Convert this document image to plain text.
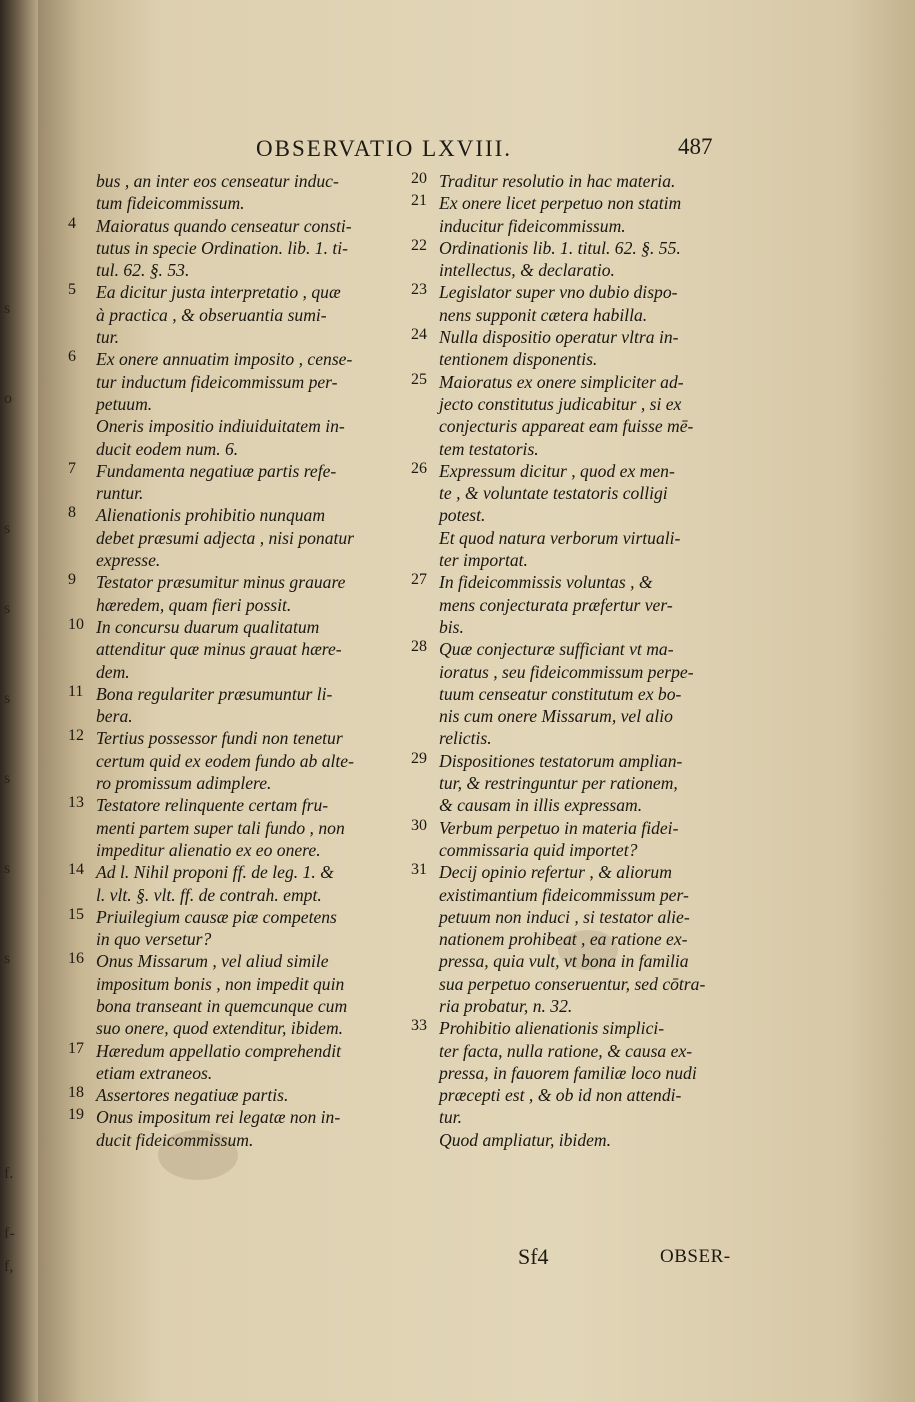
s
o
s
s
s
s
s
s
f.
f-
f,
OBSERVATIO LXVIII.	487
bus , an inter eos censeatur induc-
tum fideicommissum.
4	Maioratus quando censeatur consti-
tutus in specie Ordination. lib. 1. ti-
tul. 62. §. 53.
5	Ea dicitur justa interpretatio , quæ
à practica , & obseruantia sumi-
tur.
6	Ex onere annuatim imposito , cense-
tur inductum fideicommissum per-
petuum.
Oneris impositio indiuiduitatem in-
ducit eodem num. 6.
7	Fundamenta negatiuæ partis refe-
runtur.
8	Alienationis prohibitio nunquam
debet præsumi adjecta , nisi ponatur
expresse.
9	Testator præsumitur minus grauare
hæredem, quam fieri possit.
10 In concursu duarum qualitatum
attenditur quæ minus grauat hære-
dem.
11 Bona regulariter præsumuntur li-
bera.
12 Tertius possessor fundi non tenetur
certum quid ex eodem fundo ab alte-
ro promissum adimplere.
13 Testatore relinquente certam fru-
menti partem super tali fundo , non
impeditur alienatio ex eo onere.
14 Ad l. Nihil proponi ff. de leg. 1. &
l. vlt. §. vlt. ff. de contrah. empt.
15 Priuilegium causæ piæ competens
in quo versetur?
16 Onus Missarum , vel aliud simile
impositum bonis , non impedit quin
bona transeant in quemcunque cum
suo onere, quod extenditur, ibidem.
17 Hæredum appellatio comprehendit
etiam extraneos.
18 Assertores negatiuæ partis.
19 Onus impositum rei legatæ non in-
ducit fideicommissum.
20 Traditur resolutio in hac materia.
21 Ex onere licet perpetuo non statim
inducitur fideicommissum.
22 Ordinationis lib. 1. titul. 62. §. 55.
intellectus, & declaratio.
23 Legislator super vno dubio dispo-
nens supponit cætera habilla.
24 Nulla dispositio operatur vltra in-
tentionem disponentis.
25 Maioratus ex onere simpliciter ad-
jecto constitutus judicabitur , si ex
conjecturis appareat eam fuisse mē-
tem testatoris.
26 Expressum dicitur , quod ex men-
te , & voluntate testatoris colligi
potest.
Et quod natura verborum virtuali-
ter importat.
27 In fideicommissis voluntas , &
mens conjecturata præfertur ver-
bis.
28 Quæ conjecturæ sufficiant vt ma-
ioratus , seu fideicommissum perpe-
tuum censeatur constitutum ex bo-
nis cum onere Missarum, vel alio
relictis.
29 Dispositiones testatorum amplian-
tur, & restringuntur per rationem,
& causam in illis expressam.
30 Verbum perpetuo in materia fidei-
commissaria quid importet?
31 Decij opinio refertur , & aliorum
existimantium fideicommissum per-
petuum non induci , si testator alie-
nationem prohibeat , ea ratione ex-
pressa, quia vult, vt bona in familia
sua perpetuo conseruentur, sed cōtra-
ria probatur, n. 32.
33 Prohibitio alienationis simplici-
ter facta, nulla ratione, & causa ex-
pressa, in fauorem familiæ loco nudi
præcepti est , & ob id non attendi-
tur.
Quod ampliatur, ibidem.
Sf4	OBSER-
